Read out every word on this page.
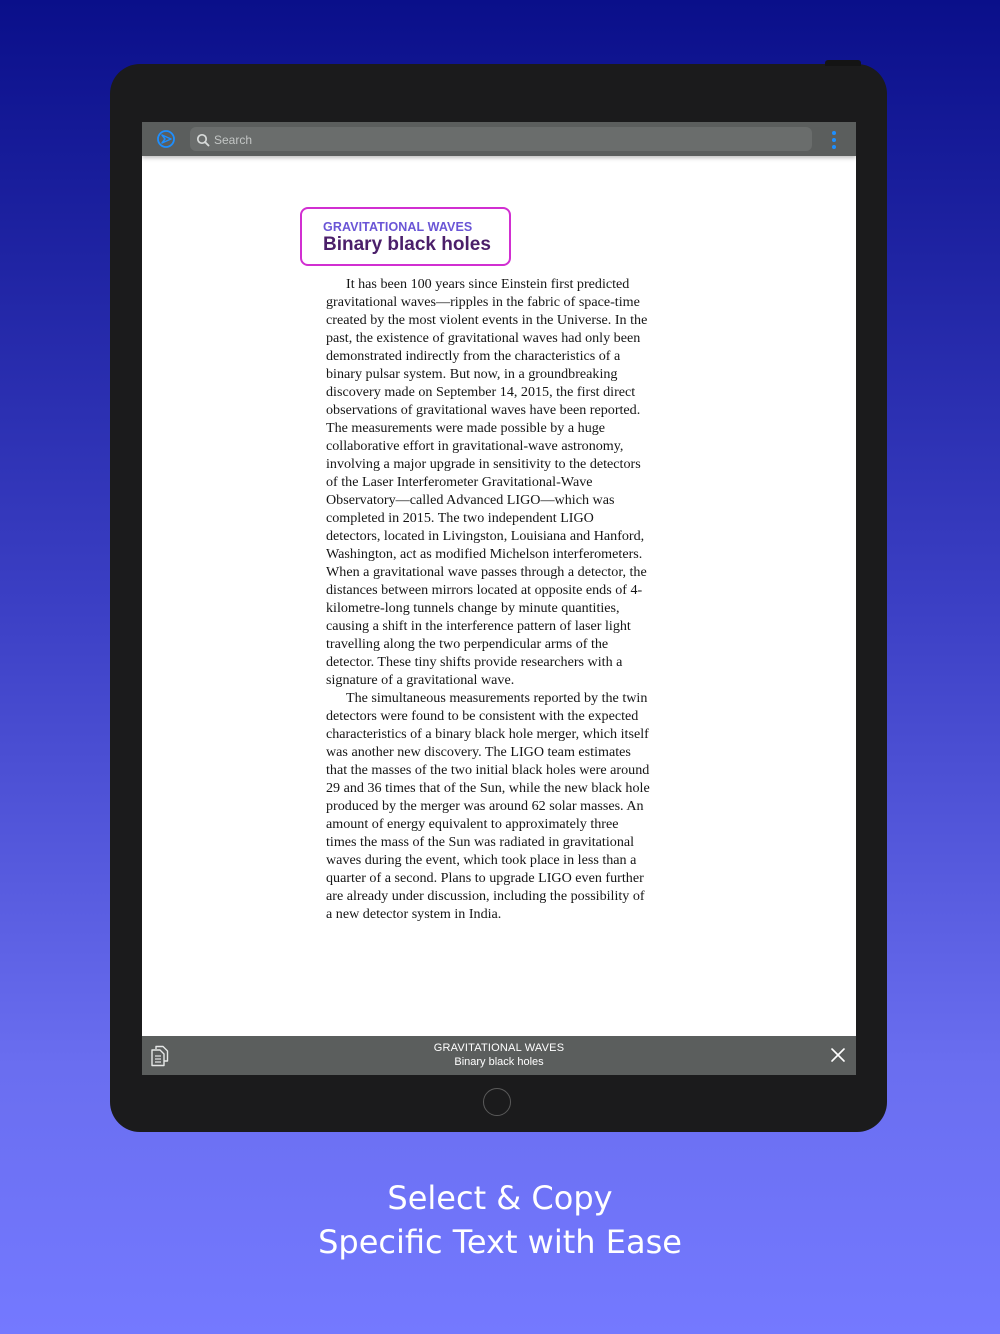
Search
GRAVITATIONAL WAVES
Binary black holes

It has been 100 years since Einstein first predicted gravitational waves—ripples in the fabric of space-time created by the most violent events in the Universe. In the past, the existence of gravitational waves had only been demonstrated indirectly from the characteristics of a binary pulsar system. But now, in a groundbreaking discovery made on September 14, 2015, the first direct observations of gravitational waves have been reported. The measurements were made possible by a huge collaborative effort in gravitational-wave astronomy, involving a major upgrade in sensitivity to the detectors of the Laser Interferometer Gravitational-Wave Observatory—called Advanced LIGO—which was completed in 2015. The two independent LIGO detectors, located in Livingston, Louisiana and Hanford, Washington, act as modified Michelson interferometers. When a gravitational wave passes through a detector, the distances between mirrors located at opposite ends of 4-kilometre-long tunnels change by minute quantities, causing a shift in the interference pattern of laser light travelling along the two perpendicular arms of the detector. These tiny shifts provide researchers with a signature of a gravitational wave.

The simultaneous measurements reported by the twin detectors were found to be consistent with the expected characteristics of a binary black hole merger, which itself was another new discovery. The LIGO team estimates that the masses of the two initial black holes were around 29 and 36 times that of the Sun, while the new black hole produced by the merger was around 62 solar masses. An amount of energy equivalent to approximately three times the mass of the Sun was radiated in gravitational waves during the event, which took place in less than a quarter of a second. Plans to upgrade LIGO even further are already under discussion, including the possibility of a new detector system in India.

GRAVITATIONAL WAVES
Binary black holes
Select & Copy
Specific Text with Ease
